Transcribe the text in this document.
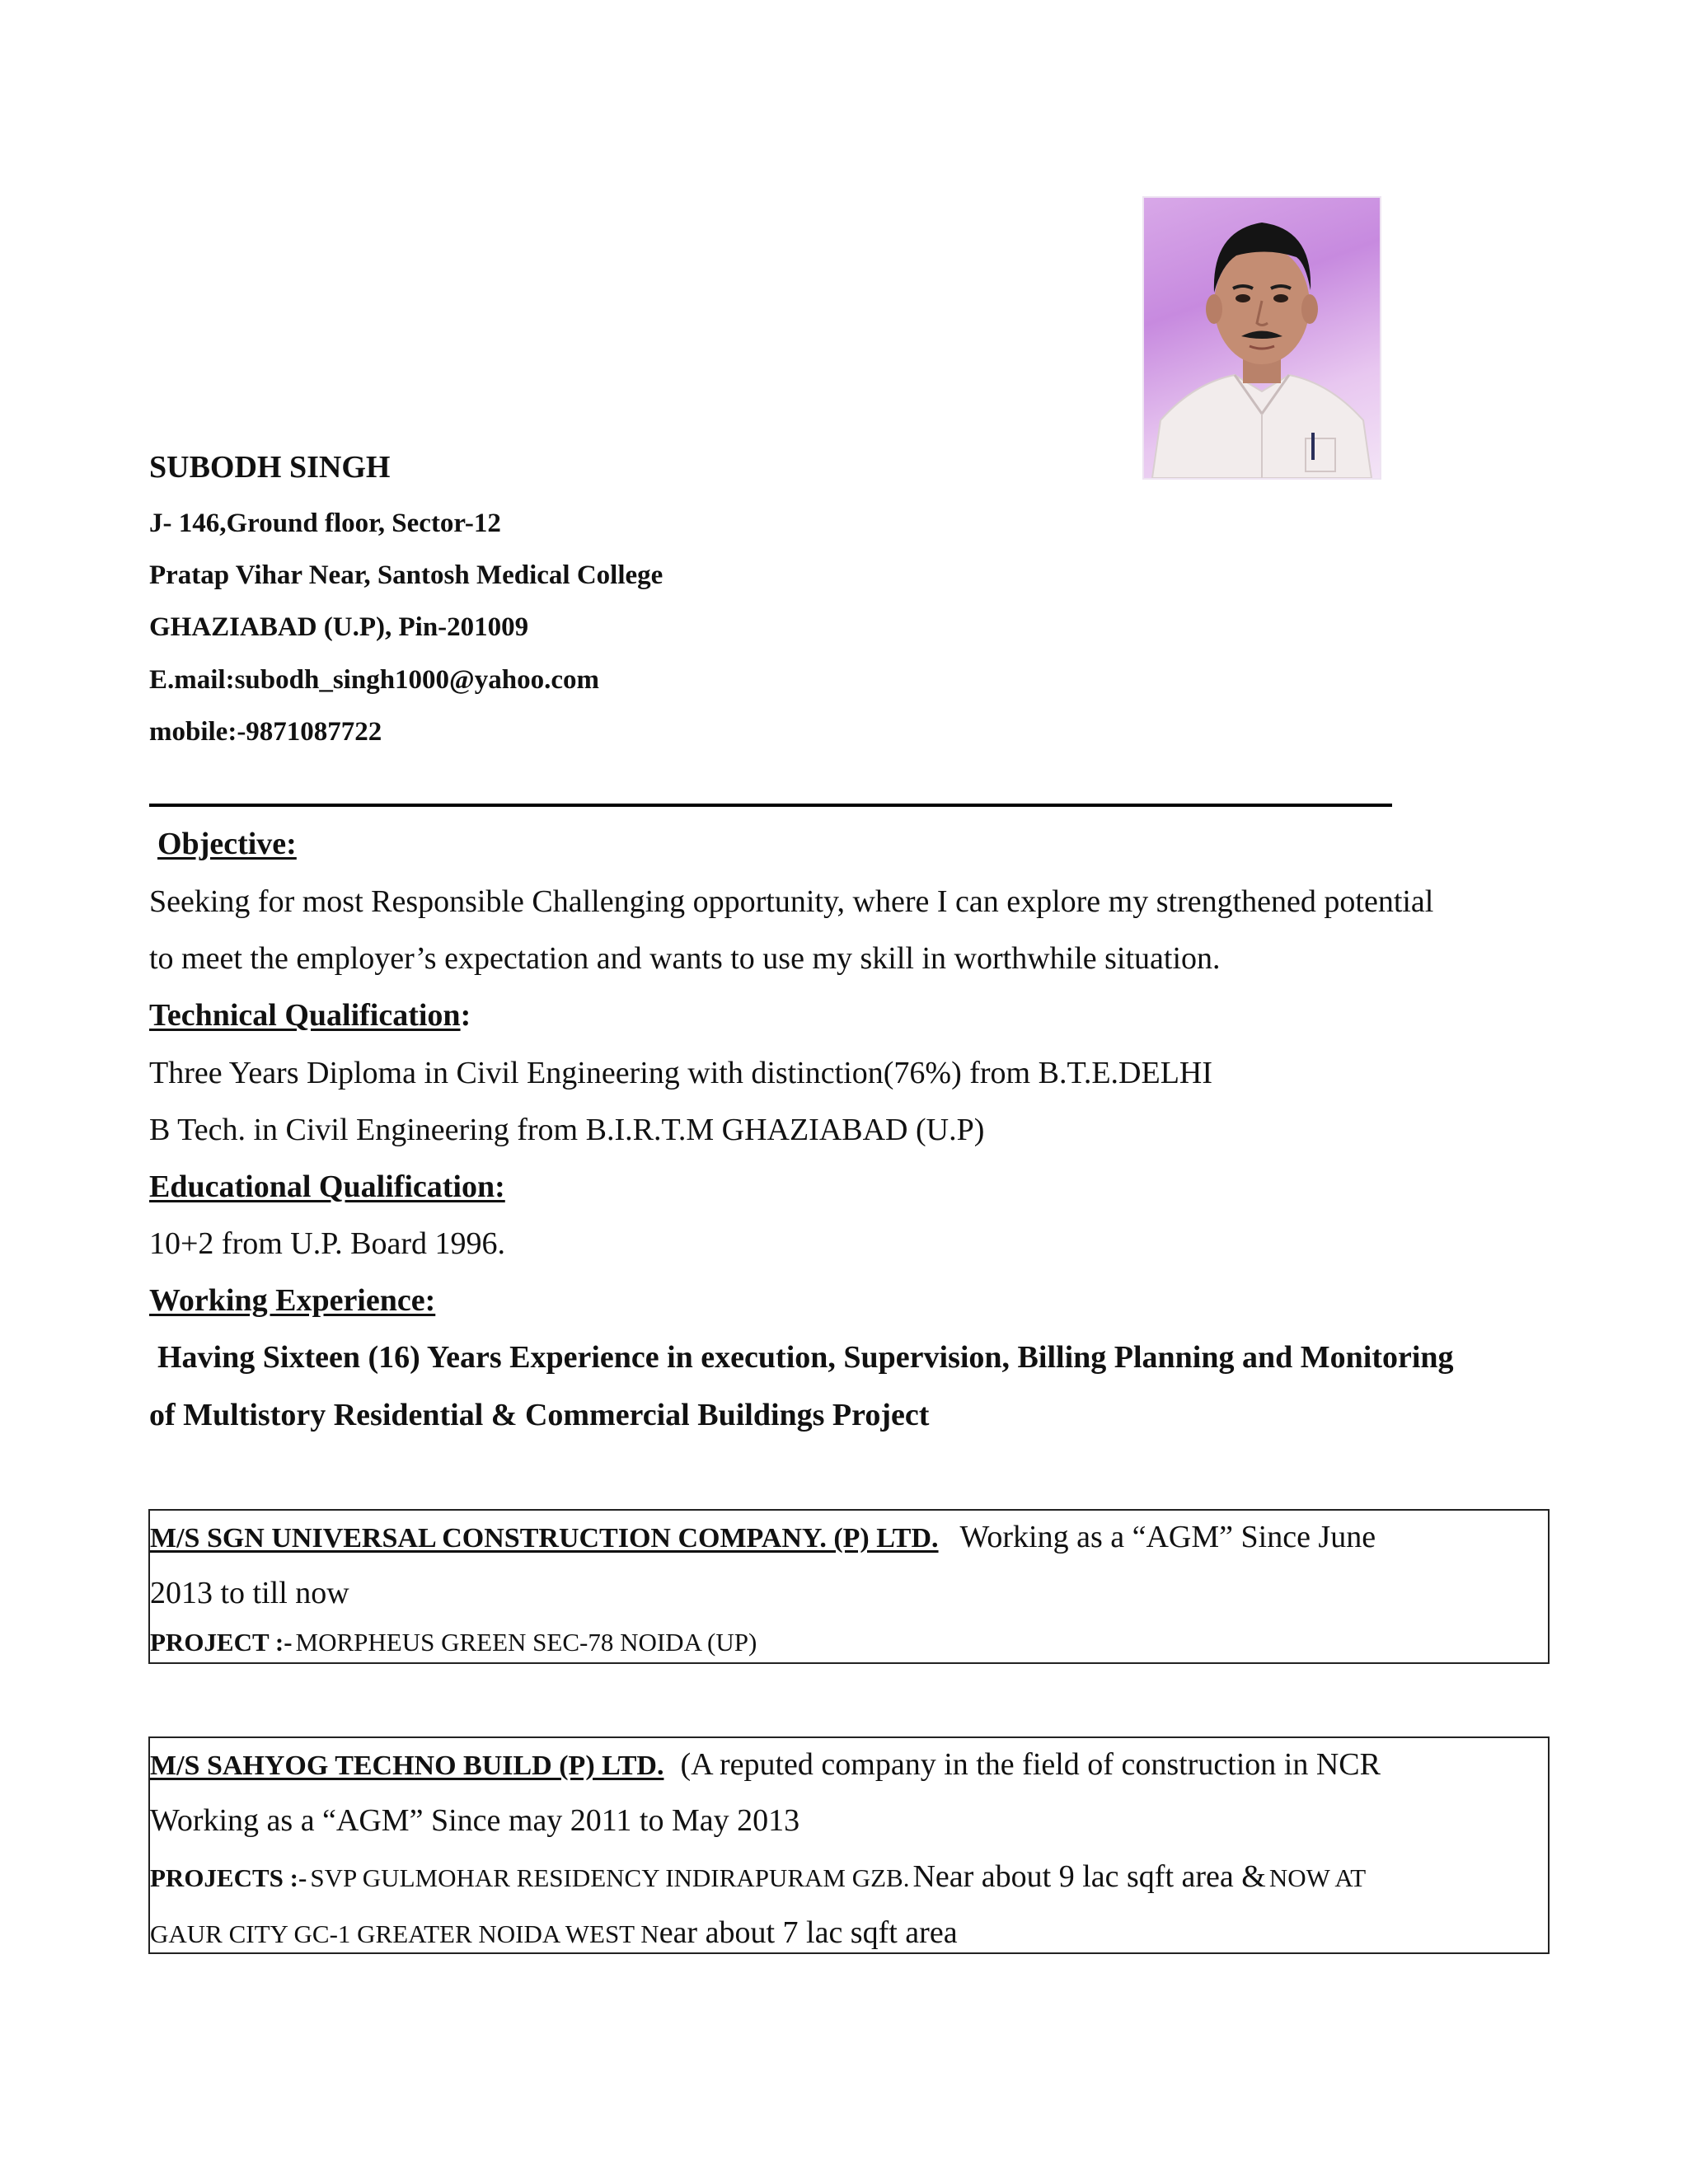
SUBODH SINGH
J- 146,Ground floor, Sector-12
Pratap Vihar Near, Santosh Medical College
GHAZIABAD (U.P), Pin-201009
E.mail:subodh_singh1000@yahoo.com
mobile:-9871087722
Objective:
Seeking for most Responsible Challenging opportunity, where I can explore my strengthened potential
to meet the employer’s expectation and wants to use my skill in worthwhile situation.
Technical Qualification:
Three Years Diploma in Civil Engineering with distinction(76%) from B.T.E.DELHI
B Tech. in Civil Engineering from B.I.R.T.M GHAZIABAD (U.P)
Educational Qualification:
10+2 from U.P. Board 1996.
Working Experience:
Having Sixteen (16) Years Experience in execution, Supervision, Billing Planning and Monitoring
of Multistory Residential & Commercial Buildings Project
M/S SGN UNIVERSAL CONSTRUCTION COMPANY. (P) LTD. Working as a “AGM” Since June
2013 to till now
PROJECT :- MORPHEUS GREEN SEC-78 NOIDA (UP)
M/S SAHYOG TECHNO BUILD (P) LTD. (A reputed company in the field of construction in NCR
Working as a “AGM” Since may 2011 to May 2013
PROJECTS :- SVP GULMOHAR RESIDENCY INDIRAPURAM GZB. Near about 9 lac sqft area & NOW AT
GAUR CITY GC-1 GREATER NOIDA WEST Near about 7 lac sqft area
